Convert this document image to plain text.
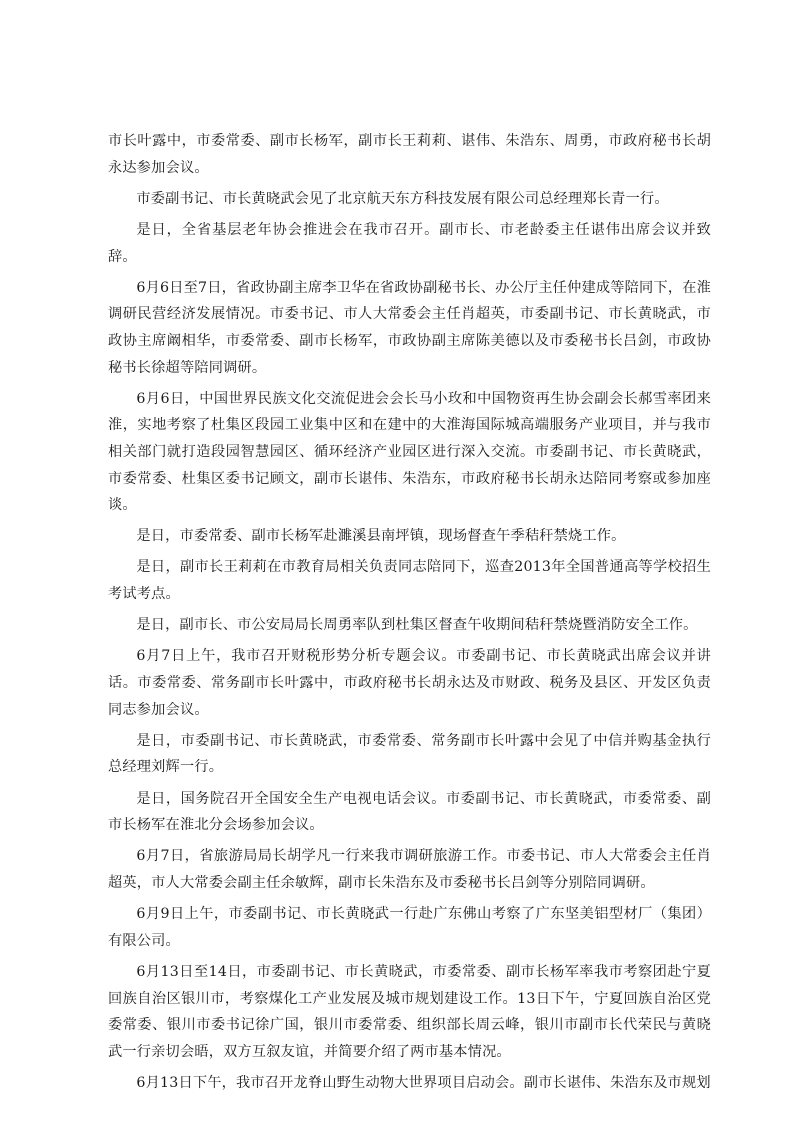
市长叶露中，市委常委、副市长杨军，副市长王莉莉、谌伟、朱浩东、周勇，市政府秘书长胡永达参加会议。

市委副书记、市长黄晓武会见了北京航天东方科技发展有限公司总经理郑长青一行。

是日，全省基层老年协会推进会在我市召开。副市长、市老龄委主任谌伟出席会议并致辞。

6月6日至7日，省政协副主席李卫华在省政协副秘书长、办公厅主任仲建成等陪同下，在淮调研民营经济发展情况。市委书记、市人大常委会主任肖超英，市委副书记、市长黄晓武，市政协主席阚相华，市委常委、副市长杨军，市政协副主席陈美德以及市委秘书长吕剑，市政协秘书长徐超等陪同调研。

6月6日，中国世界民族文化交流促进会会长马小玫和中国物资再生协会副会长郝雪率团来淮，实地考察了杜集区段园工业集中区和在建中的大淮海国际城高端服务产业项目，并与我市相关部门就打造段园智慧园区、循环经济产业园区进行深入交流。市委副书记、市长黄晓武，市委常委、杜集区委书记顾文，副市长谌伟、朱浩东，市政府秘书长胡永达陪同考察或参加座谈。

是日，市委常委、副市长杨军赴濉溪县南坪镇，现场督查午季秸秆禁烧工作。

是日，副市长王莉莉在市教育局相关负责同志陪同下，巡查2013年全国普通高等学校招生考试考点。

是日，副市长、市公安局局长周勇率队到杜集区督查午收期间秸秆禁烧暨消防安全工作。

6月7日上午，我市召开财税形势分析专题会议。市委副书记、市长黄晓武出席会议并讲话。市委常委、常务副市长叶露中，市政府秘书长胡永达及市财政、税务及县区、开发区负责同志参加会议。

是日，市委副书记、市长黄晓武，市委常委、常务副市长叶露中会见了中信并购基金执行总经理刘辉一行。

是日，国务院召开全国安全生产电视电话会议。市委副书记、市长黄晓武，市委常委、副市长杨军在淮北分会场参加会议。

6月7日，省旅游局局长胡学凡一行来我市调研旅游工作。市委书记、市人大常委会主任肖超英，市人大常委会副主任余敏辉，副市长朱浩东及市委秘书长吕剑等分别陪同调研。

6月9日上午，市委副书记、市长黄晓武一行赴广东佛山考察了广东坚美铝型材厂（集团）有限公司。

6月13日至14日，市委副书记、市长黄晓武，市委常委、副市长杨军率我市考察团赴宁夏回族自治区银川市，考察煤化工产业发展及城市规划建设工作。13日下午，宁夏回族自治区党委常委、银川市委书记徐广国，银川市委常委、组织部长周云峰，银川市副市长代荣民与黄晓武一行亲切会晤，双方互叙友谊，并简要介绍了两市基本情况。

6月13日下午，我市召开龙脊山野生动物大世界项目启动会。副市长谌伟、朱浩东及市规划
